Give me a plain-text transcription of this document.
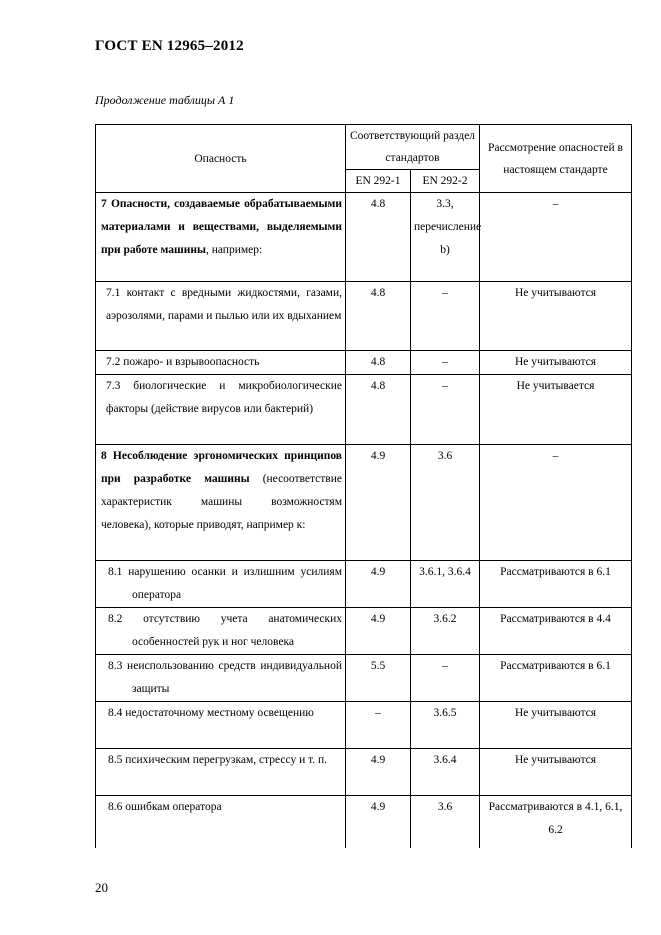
ГОСТ EN 12965–2012
Продолжение таблицы А 1
Опасность	Соответствующий раздел стандартов		Рассмотрение опасностей в настоящем стандарте
	EN 292-1	EN 292-2	
7 Опасности, создаваемые обрабатываемыми материалами и веществами, выделяемыми при работе машины, например:	4.8	3.3, перечисление b)	–
7.1 контакт с вредными жидкостями, газами, аэрозолями, парами и пылью или их вдыханием	4.8	–	Не учитываются
7.2 пожаро- и взрывоопасность	4.8	–	Не учитываются
7.3 биологические и микробиологические факторы (действие вирусов или бактерий)	4.8	–	Не учитывается
8 Несоблюдение эргономических принципов при разработке машины (несоответствие характеристик машины возможностям человека), которые приводят, например к:	4.9	3.6	–

8.1 нарушению осанки и излишним усилиям оператора	4.9	3.6.1, 3.6.4	Рассматриваются в 6.1

8.2 отсутствию учета анатомических особенностей рук и ног человека	4.9	3.6.2	Рассматриваются в 4.4

8.3 неиспользованию средств индивидуальной защиты	5.5	–	Рассматриваются в 6.1

8.4 недостаточному местному освещению	–	3.6.5	Не учитываются

8.5 психическим перегрузкам, стрессу и т. п.	4.9	3.6.4	Не учитываются

8.6 ошибкам оператора	4.9	3.6	Рассматриваются в 4.1, 6.1, 6.2
20
